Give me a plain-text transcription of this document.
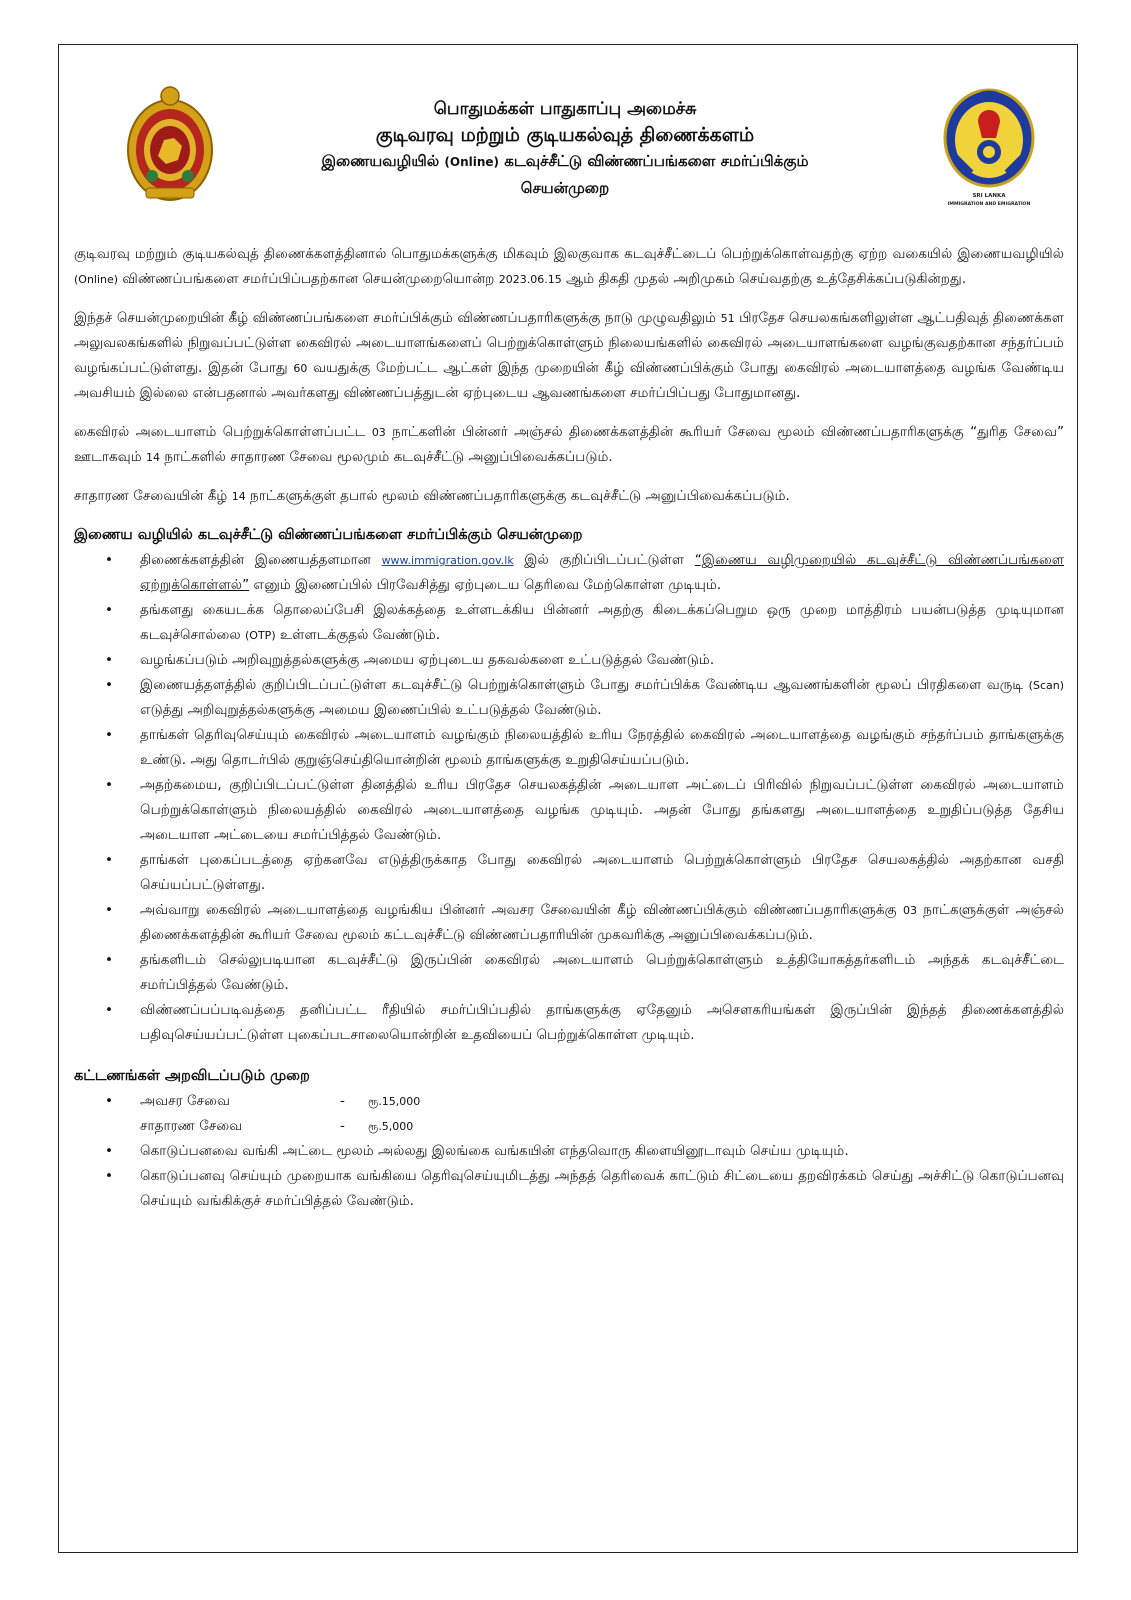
பொதுமக்கள் பாதுகாப்பு அமைச்சு
குடிவரவு மற்றும் குடியகல்வுத் திணைக்களம்
இணையவழியில் (Online) கடவுச்சீட்டு விண்ணப்பங்களை சமர்ப்பிக்கும்
செயன்முறை	SRI LANKA
IMMIGRATION AND EMIGRATION

குடிவரவு மற்றும் குடியகல்வுத் திணைக்களத்தினால் பொதுமக்களுக்கு மிகவும் இலகுவாக கடவுச்சீட்டைப் பெற்றுக்கொள்வதற்கு ஏற்ற வகையில் இணையவழியில் (Online) விண்ணப்பங்களை சமர்ப்பிப்பதற்கான செயன்முறையொன்ற 2023.06.15 ஆம் திகதி முதல் அறிமுகம் செய்வதற்கு உத்தேசிக்கப்படுகின்றது.

இந்தச் செயன்முறையின் கீழ் விண்ணப்பங்களை சமர்ப்பிக்கும் விண்ணப்பதாரிகளுக்கு நாடு முழுவதிலும் 51 பிரதேச செயலகங்களிலுள்ள ஆட்பதிவுத் திணைக்கள அலுவலகங்களில் நிறுவப்பட்டுள்ள கைவிரல் அடையாளங்களைப் பெற்றுக்கொள்ளும் நிலையங்களில் கைவிரல் அடையாளங்களை வழங்குவதற்கான சந்தர்ப்பம் வழங்கப்பட்டுள்ளது. இதன் போது 60 வயதுக்கு மேற்பட்ட ஆட்கள் இந்த முறையின் கீழ் விண்ணப்பிக்கும் போது கைவிரல் அடையாளத்தை வழங்க வேண்டிய அவசியம் இல்லை என்பதனால் அவர்களது விண்ணப்பத்துடன் ஏற்புடைய ஆவணங்களை சமர்ப்பிப்பது போதுமானது.

கைவிரல் அடையாளம் பெற்றுக்கொள்ளப்பட்ட 03 நாட்களின் பின்னர் அஞ்சல் திணைக்களத்தின் கூரியர் சேவை மூலம் விண்ணப்பதாரிகளுக்கு “துரித சேவை” ஊடாகவும் 14 நாட்களில் சாதாரண சேவை மூலமும் கடவுச்சீட்டு அனுப்பிவைக்கப்படும்.

சாதாரண சேவையின் கீழ் 14 நாட்களுக்குள் தபால் மூலம் விண்ணப்பதாரிகளுக்கு கடவுச்சீட்டு அனுப்பிவைக்கப்படும்.

இணைய வழியில் கடவுச்சீட்டு விண்ணப்பங்களை சமர்ப்பிக்கும் செயன்முறை
• திணைக்களத்தின் இணையத்தளமான www.immigration.gov.lk இல் குறிப்பிடப்பட்டுள்ள “இணைய வழிமுறையில் கடவுச்சீட்டு விண்ணப்பங்களை ஏற்றுக்கொள்ளல்” எனும் இணைப்பில் பிரவேசித்து ஏற்புடைய தெரிவை மேற்கொள்ள முடியும்.
• தங்களது கையடக்க தொலைப்பேசி இலக்கத்தை உள்ளடக்கிய பின்னர் அதற்கு கிடைக்கப்பெறும ஒரு முறை மாத்திரம் பயன்படுத்த முடியுமான கடவுச்சொல்லை (OTP) உள்ளடக்குதல் வேண்டும்.
• வழங்கப்படும் அறிவுறுத்தல்களுக்கு அமைய ஏற்புடைய தகவல்களை உட்படுத்தல் வேண்டும்.
• இணையத்தளத்தில் குறிப்பிடப்பட்டுள்ள கடவுச்சீட்டு பெற்றுக்கொள்ளும் போது சமர்ப்பிக்க வேண்டிய ஆவணங்களின் மூலப் பிரதிகளை வருடி (Scan) எடுத்து அறிவுறுத்தல்களுக்கு அமைய இணைப்பில் உட்படுத்தல் வேண்டும்.
• தாங்கள் தெரிவுசெய்யும் கைவிரல் அடையாளம் வழங்கும் நிலையத்தில் உரிய நேரத்தில் கைவிரல் அடையாளத்தை வழங்கும் சந்தர்ப்பம் தாங்களுக்கு உண்டு. அது தொடர்பில் குறுஞ்செய்தியொன்றின் மூலம் தாங்களுக்கு உறுதிசெய்யப்படும்.
• அதற்கமைய, குறிப்பிடப்பட்டுள்ள தினத்தில் உரிய பிரதேச செயலகத்தின் அடையாள அட்டைப் பிரிவில் நிறுவப்பட்டுள்ள கைவிரல் அடையாளம் பெற்றுக்கொள்ளும் நிலையத்தில் கைவிரல் அடையாளத்தை வழங்க முடியும். அதன் போது தங்களது அடையாளத்தை உறுதிப்படுத்த தேசிய அடையாள அட்டையை சமர்ப்பித்தல் வேண்டும்.
• தாங்கள் புகைப்படத்தை ஏற்கனவே எடுத்திருக்காத போது கைவிரல் அடையாளம் பெற்றுக்கொள்ளும் பிரதேச செயலகத்தில் அதற்கான வசதி செய்யப்பட்டுள்ளது.
• அவ்வாறு கைவிரல் அடையாளத்தை வழங்கிய பின்னர் அவசர சேவையின் கீழ் விண்ணப்பிக்கும் விண்ணப்பதாரிகளுக்கு 03 நாட்களுக்குள் அஞ்சல் திணைக்களத்தின் கூரியர் சேவை மூலம் கட்டவுச்சீட்டு விண்ணப்பதாரியின் முகவரிக்கு அனுப்பிவைக்கப்படும்.
• தங்களிடம் செல்லுபடியான கடவுச்சீட்டு இருப்பின் கைவிரல் அடையாளம் பெற்றுக்கொள்ளும் உத்தியோகத்தர்களிடம் அந்தக் கடவுச்சீட்டை சமர்ப்பித்தல் வேண்டும்.
• விண்ணப்பப்படிவத்தை தனிப்பட்ட ரீதியில் சமர்ப்பிப்பதில் தாங்களுக்கு ஏதேனும் அசௌகரியங்கள் இருப்பின் இந்தத் திணைக்களத்தில் பதிவுசெய்யப்பட்டுள்ள புகைப்படசாலையொன்றின் உதவியைப் பெற்றுக்கொள்ள முடியும்.
கட்டணங்கள் அறவிடப்படும் முறை
• அவசர சேவை	-	ரூ.15,000
சாதாரண சேவை	-	ரூ.5,000
• கொடுப்பனவை வங்கி அட்டை மூலம் அல்லது இலங்கை வங்கயின் எந்தவொரு கிளையினூடாவும் செய்ய முடியும்.
• கொடுப்பனவு செய்யும் முறையாக வங்கியை தெரிவுசெய்யுமிடத்து அந்தத் தெரிவைக் காட்டும் சிட்டையை தறவிரக்கம் செய்து அச்சிட்டு கொடுப்பனவு செய்யும் வங்கிக்குச் சமர்ப்பித்தல் வேண்டும்.
